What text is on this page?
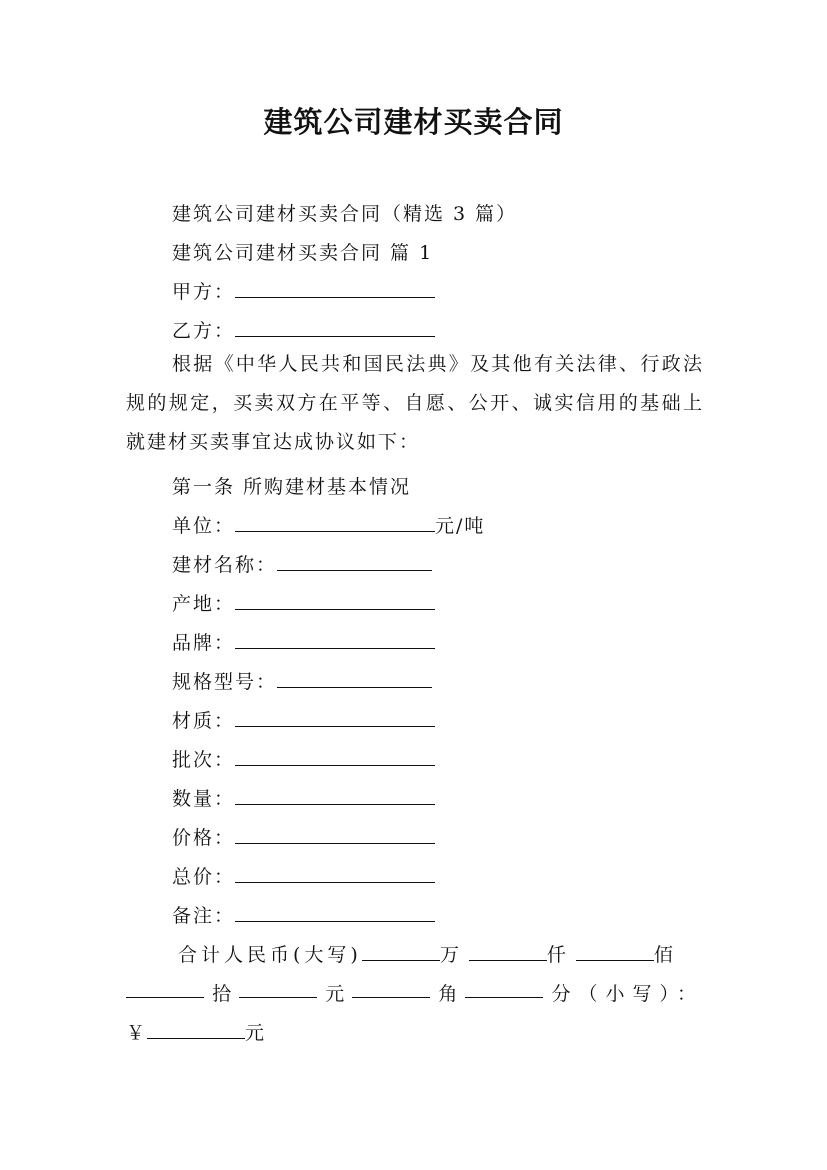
建筑公司建材买卖合同
建筑公司建材买卖合同（精选 3 篇）
建筑公司建材买卖合同 篇 1
甲方：
乙方：
根据《中华人民共和国民法典》及其他有关法律、行政法规的规定，买卖双方在平等、自愿、公开、诚实信用的基础上就建材买卖事宜达成协议如下：
第一条 所购建材基本情况
单位：	元/吨
建材名称：
产地：
品牌：
规格型号：
材质：
批次：
数量：
价格：
总价：
备注：
合计人民币(大写)	万	仟	佰
拾	元	角	分（小写）：
￥	元
